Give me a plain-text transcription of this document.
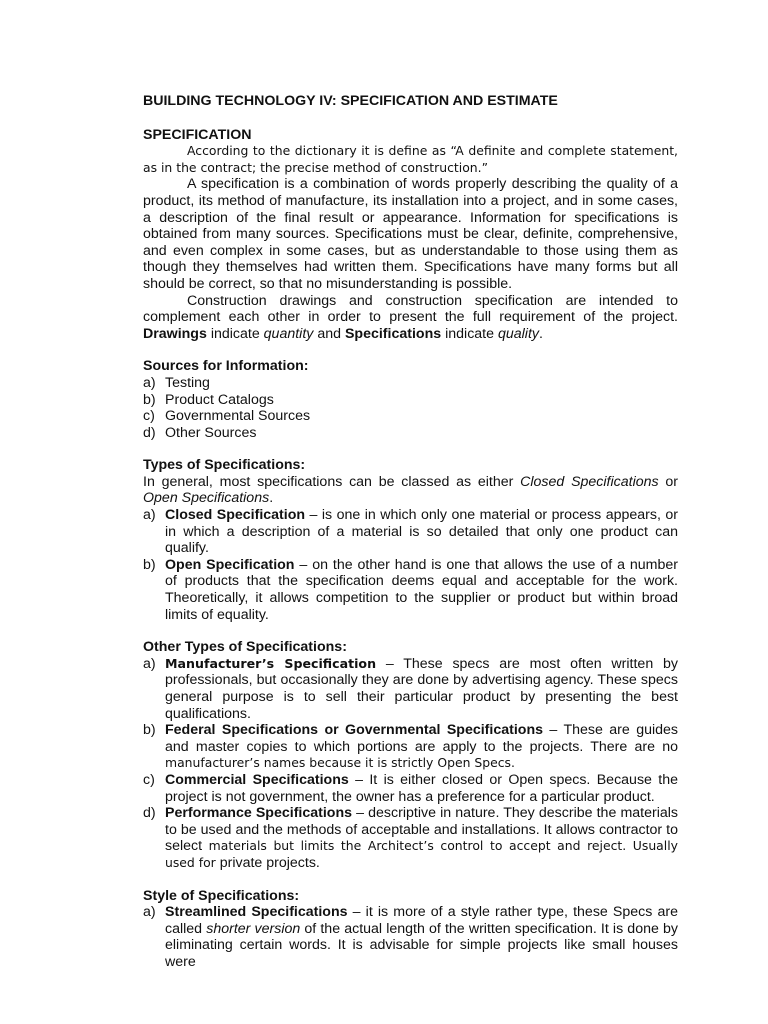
BUILDING TECHNOLOGY IV: SPECIFICATION AND ESTIMATE
SPECIFICATION

According to the dictionary it is define as “A definite and complete statement, as in the contract; the precise method of construction.”

A specification is a combination of words properly describing the quality of a product, its method of manufacture, its installation into a project, and in some cases, a description of the final result or appearance. Information for specifications is obtained from many sources. Specifications must be clear, definite, comprehensive, and even complex in some cases, but as understandable to those using them as though they themselves had written them. Specifications have many forms but all should be correct, so that no misunderstanding is possible.

Construction drawings and construction specification are intended to complement each other in order to present the full requirement of the project. Drawings indicate quantity and Specifications indicate quality.

Sources for Information:
a) Testing
b) Product Catalogs
c) Governmental Sources
d) Other Sources
Types of Specifications:

In general, most specifications can be classed as either Closed Specifications or Open Specifications.

a) Closed Specification – is one in which only one material or process appears, or in which a description of a material is so detailed that only one product can qualify.
b) Open Specification – on the other hand is one that allows the use of a number of products that the specification deems equal and acceptable for the work. Theoretically, it allows competition to the supplier or product but within broad limits of equality.
Other Types of Specifications:
a) Manufacturer’s Specification – These specs are most often written by professionals, but occasionally they are done by advertising agency. These specs general purpose is to sell their particular product by presenting the best qualifications.
b) Federal Specifications or Governmental Specifications – These are guides and master copies to which portions are apply to the projects. There are no manufacturer’s names because it is strictly Open Specs.
c) Commercial Specifications – It is either closed or Open specs. Because the project is not government, the owner has a preference for a particular product.
d) Performance Specifications – descriptive in nature. They describe the materials to be used and the methods of acceptable and installations. It allows contractor to select materials but limits the Architect’s control to accept and reject. Usually used for private projects.
Style of Specifications:
a) Streamlined Specifications – it is more of a style rather type, these Specs are called shorter version of the actual length of the written specification. It is done by eliminating certain words. It is advisable for simple projects like small houses were
